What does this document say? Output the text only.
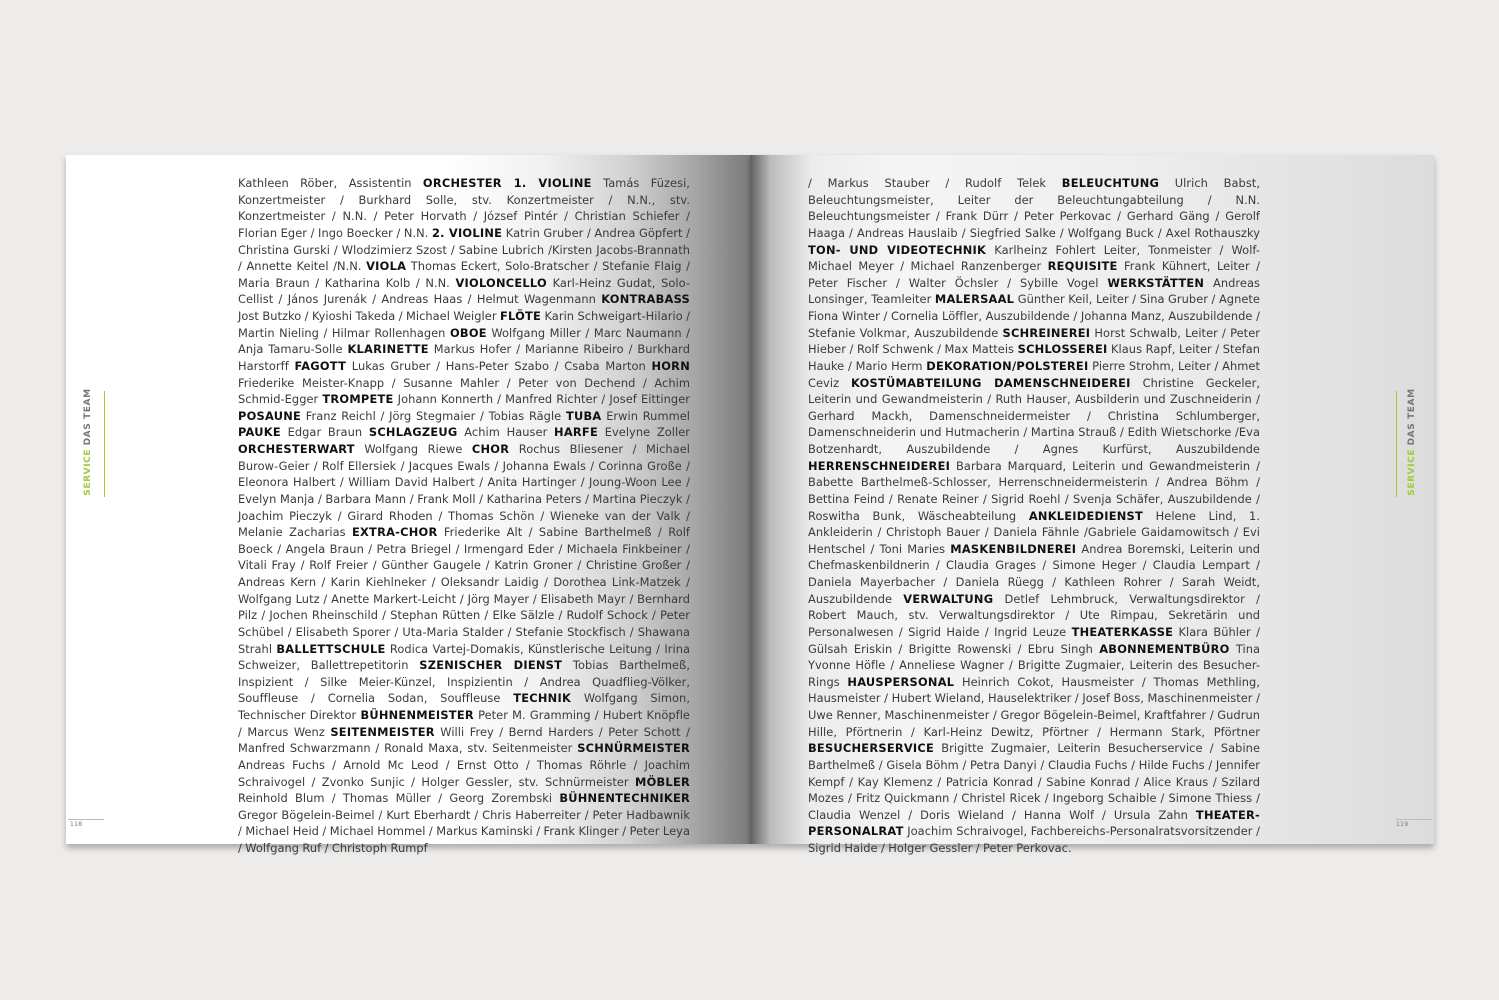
Kathleen Röber, Assistentin ORCHESTER 1. VIOLINE Tamás Füzesi, Konzertmeister / Burkhard Solle, stv. Konzertmeister / N.N., stv. Konzertmeister / N.N. / Peter Horvath / József Pintér / Christian Schiefer / Florian Eger / Ingo Boecker / N.N. 2. VIOLINE Katrin Gruber / Andrea Göpfert / Christina Gurski / Wlodzimierz Szost / Sabine Lubrich /Kirsten Jacobs-Brannath / Annette Keitel /N.N. VIOLA Thomas Eckert, Solo-Bratscher / Stefanie Flaig / Maria Braun / Katharina Kolb / N.N. VIOLONCELLO Karl-Heinz Gudat, Solo-Cellist / János Jurenák / Andreas Haas / Helmut Wagenmann KONTRABASS Jost Butzko / Kyioshi Takeda / Michael Weigler FLÖTE Karin Schweigart-Hilario / Martin Nieling / Hilmar Rollenhagen OBOE Wolfgang Miller / Marc Naumann / Anja Tamaru-Solle KLARINETTE Markus Hofer / Marianne Ribeiro / Burkhard Harstorff FAGOTT Lukas Gruber / Hans-Peter Szabo / Csaba Marton HORN Friederike Meister-Knapp / Susanne Mahler / Peter von Dechend / Achim Schmid-Egger TROMPETE Johann Konnerth / Manfred Richter / Josef Eittinger POSAUNE Franz Reichl / Jörg Stegmaier / Tobias Rägle TUBA Erwin Rummel PAUKE Edgar Braun SCHLAGZEUG Achim Hauser HARFE Evelyne Zoller ORCHESTERWART Wolfgang Riewe CHOR Rochus Bliesener / Michael Burow-Geier / Rolf Ellersiek / Jacques Ewals / Johanna Ewals / Corinna Große / Eleonora Halbert / William David Halbert / Anita Hartinger / Joung-Woon Lee / Evelyn Manja / Barbara Mann / Frank Moll / Katharina Peters / Martina Pieczyk / Joachim Pieczyk / Girard Rhoden / Thomas Schön / Wieneke van der Valk / Melanie Zacharias EXTRA-CHOR Friederike Alt / Sabine Barthelmeß / Rolf Boeck / Angela Braun / Petra Briegel / Irmengard Eder / Michaela Finkbeiner / Vitali Fray / Rolf Freier / Günther Gaugele / Katrin Groner / Christine Großer / Andreas Kern / Karin Kiehlneker / Oleksandr Laidig / Dorothea Link-Matzek / Wolfgang Lutz / Anette Markert-Leicht / Jörg Mayer / Elisabeth Mayr / Bernhard Pilz / Jochen Rheinschild / Stephan Rütten / Elke Sälzle / Rudolf Schock / Peter Schübel / Elisabeth Sporer / Uta-Maria Stalder / Stefanie Stockfisch / Shawana Strahl BALLETTSCHULE Rodica Vartej-Domakis, Künstlerische Leitung / Irina Schweizer, Ballettrepetitorin SZENISCHER DIENST Tobias Barthelmeß, Inspizient / Silke Meier-Künzel, Inspizientin / Andrea Quadflieg-Völker, Souffleuse / Cornelia Sodan, Souffleuse TECHNIK Wolfgang Simon, Technischer Direktor BÜHNENMEISTER Peter M. Gramming / Hubert Knöpfle / Marcus Wenz SEITENMEISTER Willi Frey / Bernd Harders / Peter Schott / Manfred Schwarzmann / Ronald Maxa, stv. Seitenmeister SCHNÜRMEISTER Andreas Fuchs / Arnold Mc Leod / Ernst Otto / Thomas Röhrle / Joachim Schraivogel / Zvonko Sunjic / Holger Gessler, stv. Schnürmeister MÖBLER Reinhold Blum / Thomas Müller / Georg Zorembski BÜHNENTECHNIKER Gregor Bögelein-Beimel / Kurt Eberhardt / Chris Haberreiter / Peter Hadbawnik / Michael Heid / Michael Hommel / Markus Kaminski / Frank Klinger / Peter Leya / Wolfgang Ruf / Christoph Rumpf
/ Markus Stauber / Rudolf Telek BELEUCHTUNG Ulrich Babst, Beleuchtungsmeister, Leiter der Beleuchtungabteilung / N.N. Beleuchtungsmeister / Frank Dürr / Peter Perkovac / Gerhard Gäng / Gerolf Haaga / Andreas Hauslaib / Siegfried Salke / Wolfgang Buck / Axel Rothauszky TON- UND VIDEOTECHNIK Karlheinz Fohlert Leiter, Tonmeister / Wolf-Michael Meyer / Michael Ranzenberger REQUISITE Frank Kühnert, Leiter / Peter Fischer / Walter Öchsler / Sybille Vogel WERKSTÄTTEN Andreas Lonsinger, Teamleiter MALERSAAL Günther Keil, Leiter / Sina Gruber / Agnete Fiona Winter / Cornelia Löffler, Auszubildende / Johanna Manz, Auszubildende / Stefanie Volkmar, Auszubildende SCHREINEREI Horst Schwalb, Leiter / Peter Hieber / Rolf Schwenk / Max Matteis SCHLOSSEREI Klaus Rapf, Leiter / Stefan Hauke / Mario Herm DEKORATION/POLSTEREI Pierre Strohm, Leiter / Ahmet Ceviz KOSTÜMABTEILUNG DAMENSCHNEIDEREI Christine Geckeler, Leiterin und Gewandmeisterin / Ruth Hauser, Ausbilderin und Zuschneiderin / Gerhard Mackh, Damenschneidermeister / Christina Schlumberger, Damenschneiderin und Hutmacherin / Martina Strauß / Edith Wietschorke /Eva Botzenhardt, Auszubildende / Agnes Kurfürst, Auszubildende HERRENSCHNEIDEREI Barbara Marquard, Leiterin und Gewandmeisterin / Babette Barthelmeß-Schlosser, Herrenschneidermeisterin / Andrea Böhm / Bettina Feind / Renate Reiner / Sigrid Roehl / Svenja Schäfer, Auszubildende / Roswitha Bunk, Wäscheabteilung ANKLEIDEDIENST Helene Lind, 1. Ankleiderin / Christoph Bauer / Daniela Fähnle /Gabriele Gaidamowitsch / Evi Hentschel / Toni Maries MASKENBILDNEREI Andrea Boremski, Leiterin und Chefmaskenbildnerin / Claudia Grages / Simone Heger / Claudia Lempart / Daniela Mayerbacher / Daniela Rüegg / Kathleen Rohrer / Sarah Weidt, Auszubildende VERWALTUNG Detlef Lehmbruck, Verwaltungsdirektor / Robert Mauch, stv. Verwaltungsdirektor / Ute Rimpau, Sekretärin und Personalwesen / Sigrid Haide / Ingrid Leuze THEATERKASSE Klara Bühler / Gülsah Eriskin / Brigitte Rowenski / Ebru Singh ABONNEMENTBÜRO Tina Yvonne Höfle / Anneliese Wagner / Brigitte Zugmaier, Leiterin des Besucher-Rings HAUSPERSONAL Heinrich Cokot, Hausmeister / Thomas Methling, Hausmeister / Hubert Wieland, Hauselektriker / Josef Boss, Maschinenmeister / Uwe Renner, Maschinenmeister / Gregor Bögelein-Beimel, Kraftfahrer / Gudrun Hille, Pförtnerin / Karl-Heinz Dewitz, Pförtner / Hermann Stark, Pförtner BESUCHERSERVICE Brigitte Zugmaier, Leiterin Besucherservice / Sabine Barthelmeß / Gisela Böhm / Petra Danyi / Claudia Fuchs / Hilde Fuchs / Jennifer Kempf / Kay Klemenz / Patricia Konrad / Sabine Konrad / Alice Kraus / Szilard Mozes / Fritz Quickmann / Christel Ricek / Ingeborg Schaible / Simone Thiess / Claudia Wenzel / Doris Wieland / Hanna Wolf / Ursula Zahn THEATER-PERSONALRAT Joachim Schraivogel, Fachbereichs-Personalratsvorsitzender / Sigrid Haide / Holger Gessler / Peter Perkovac.
SERVICE DAS TEAM
SERVICE DAS TEAM
118	119
